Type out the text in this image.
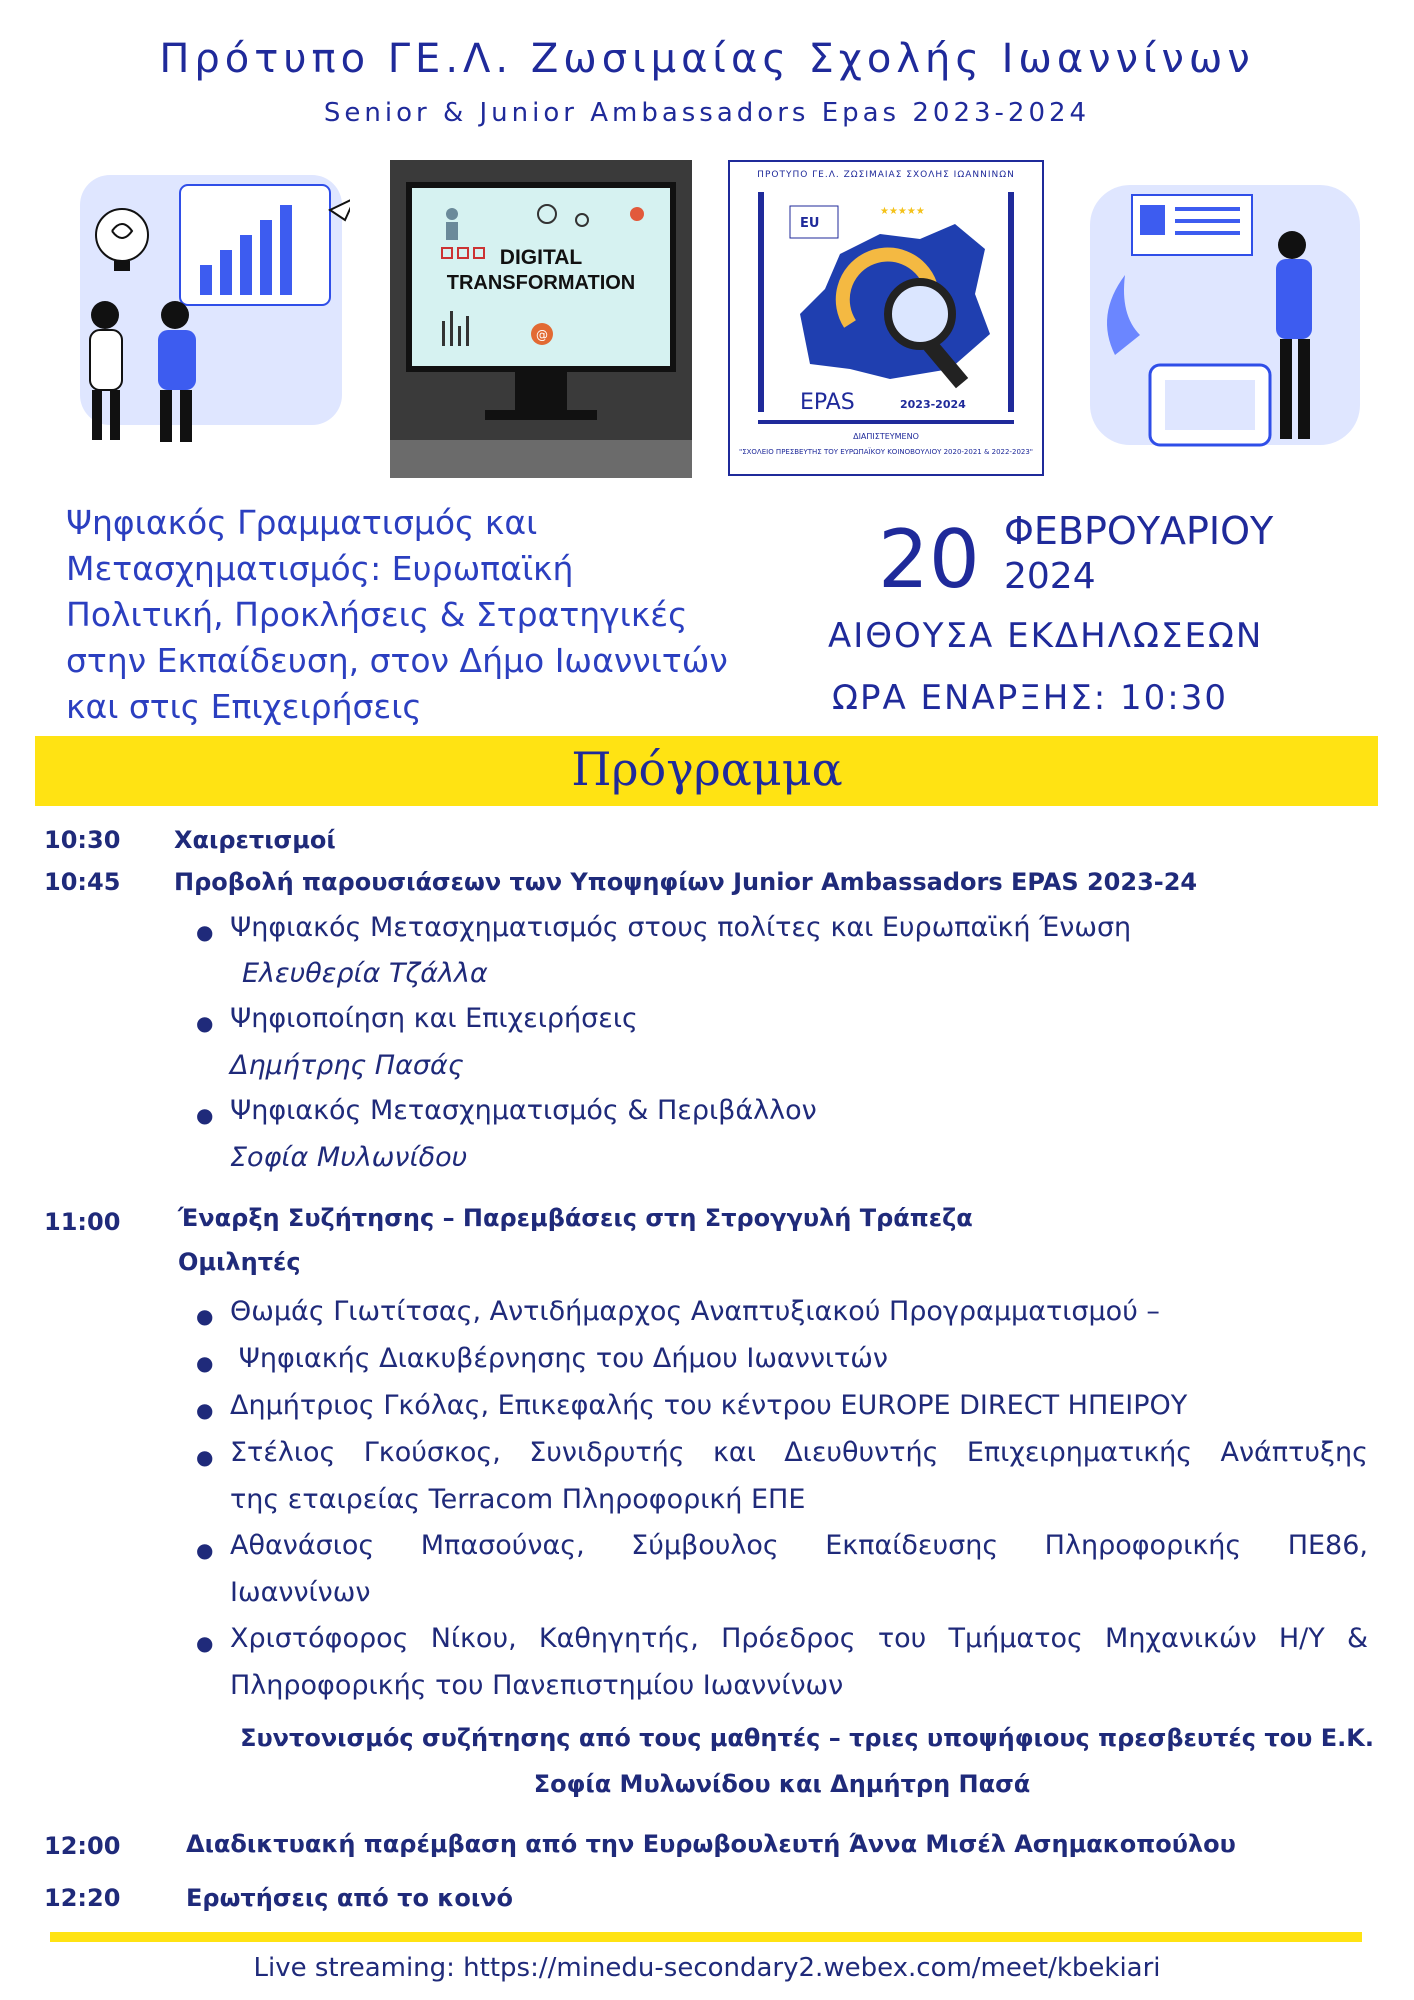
Πρότυπο ΓΕ.Λ. Ζωσιμαίας Σχολής Ιωαννίνων
Senior & Junior Ambassadors Epas 2023-2024
DIGITAL
TRANSFORMATION
@
ΠΡΟΤΥΠΟ ΓΕ.Λ. ΖΩΣΙΜΑΙΑΣ ΣΧΟΛΗΣ ΙΩΑΝΝΙΝΩΝ
★★★★★
EU
EPAS	2023-2024
ΔΙΑΠΙΣΤΕΥΜΕΝΟ
"ΣΧΟΛΕΙΟ ΠΡΕΣΒΕΥΤΗΣ ΤΟΥ ΕΥΡΩΠΑΪΚΟΥ ΚΟΙΝΟΒΟΥΛΙΟΥ 2020-2021 & 2022-2023"
Ψηφιακός Γραμματισμός και
Μετασχηματισμός: Ευρωπαϊκή
Πολιτική, Προκλήσεις & Στρατηγικές
στην Εκπαίδευση, στον Δήμο Ιωαννιτών
και στις Επιχειρήσεις
20 ΦΕΒΡΟΥΑΡΙΟΥ
2024
ΑΙΘΟΥΣΑ ΕΚΔΗΛΩΣΕΩΝ
ΩΡΑ ΕΝΑΡΞΗΣ: 10:30
Πρόγραμμα
10:30 Χαιρετισμοί
10:45 Προβολή παρουσιάσεων των Υποψηφίων Junior Ambassadors EPAS 2023-24
● Ψηφιακός Μετασχηματισμός στους πολίτες και Ευρωπαϊκή Ένωση
Ελευθερία Τζάλλα
● Ψηφιοποίηση και Επιχειρήσεις
Δημήτρης Πασάς
● Ψηφιακός Μετασχηματισμός & Περιβάλλον
Σοφία Μυλωνίδου
11:00 Έναρξη Συζήτησης – Παρεμβάσεις στη Στρογγυλή Τράπεζα
Ομιλητές
● Θωμάς Γιωτίτσας, Αντιδήμαρχος Αναπτυξιακού Προγραμματισμού –
● Ψηφιακής Διακυβέρνησης του Δήμου Ιωαννιτών
● Δημήτριος Γκόλας, Επικεφαλής του κέντρου EUROPE DIRECT ΗΠΕΙΡΟΥ
● Στέλιος Γκούσκος, Συνιδρυτής και Διευθυντής Επιχειρηματικής Ανάπτυξης
της εταιρείας Terracom Πληροφορική ΕΠΕ
● Αθανάσιος Μπασούνας, Σύμβουλος Εκπαίδευσης Πληροφορικής ΠΕ86,
Ιωαννίνων
● Χριστόφορος Νίκου, Καθηγητής, Πρόεδρος του Τμήματος Μηχανικών Η/Υ &
Πληροφορικής του Πανεπιστημίου Ιωαννίνων
Συντονισμός συζήτησης από τους μαθητές – τριες υποψήφιους πρεσβευτές του Ε.Κ.
Σοφία Μυλωνίδου και Δημήτρη Πασά
12:00	Διαδικτυακή παρέμβαση από την Ευρωβουλευτή Άννα Μισέλ Ασημακοπούλου
12:20	Ερωτήσεις από το κοινό
Live streaming: https://minedu-secondary2.webex.com/meet/kbekiari
